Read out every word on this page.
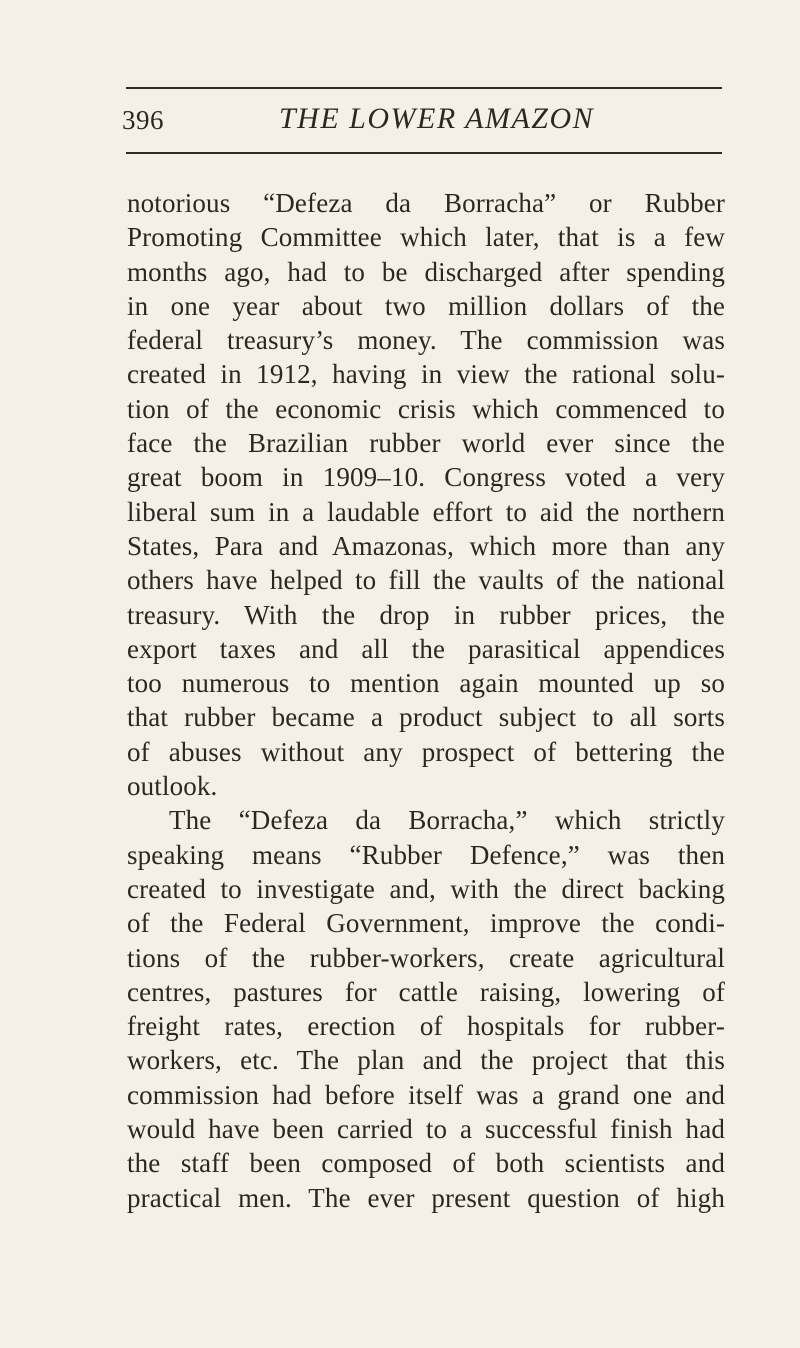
396	THE LOWER AMAZON
notorious “Defeza da Borracha” or Rubber
Promoting Committee which later, that is a few
months ago, had to be discharged after spending
in one year about two million dollars of the
federal treasury’s money. The commission was
created in 1912, having in view the rational solu-
tion of the economic crisis which commenced to
face the Brazilian rubber world ever since the
great boom in 1909–10. Congress voted a very
liberal sum in a laudable effort to aid the northern
States, Para and Amazonas, which more than any
others have helped to fill the vaults of the national
treasury. With the drop in rubber prices, the
export taxes and all the parasitical appendices
too numerous to mention again mounted up so
that rubber became a product subject to all sorts
of abuses without any prospect of bettering the
outlook.
The “Defeza da Borracha,” which strictly
speaking means “Rubber Defence,” was then
created to investigate and, with the direct backing
of the Federal Government, improve the condi-
tions of the rubber-workers, create agricultural
centres, pastures for cattle raising, lowering of
freight rates, erection of hospitals for rubber-
workers, etc. The plan and the project that this
commission had before itself was a grand one and
would have been carried to a successful finish had
the staff been composed of both scientists and
practical men. The ever present question of high
